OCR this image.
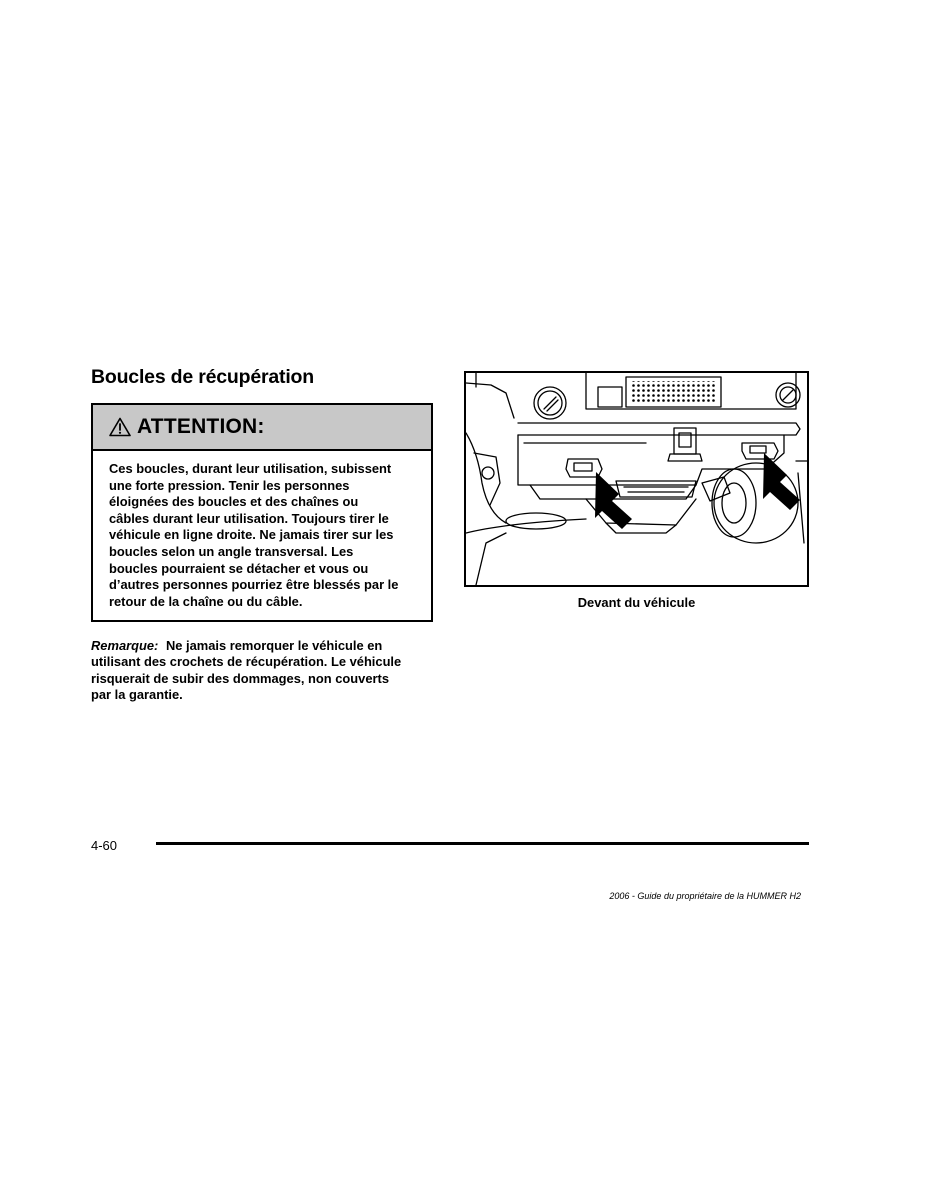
Boucles de récupération
ATTENTION:
Ces boucles, durant leur utilisation, subissent
une forte pression. Tenir les personnes
éloignées des boucles et des chaînes ou
câbles durant leur utilisation. Toujours tirer le
véhicule en ligne droite. Ne jamais tirer sur les
boucles selon un angle transversal. Les
boucles pourraient se détacher et vous ou
d’autres personnes pourriez être blessés par le
retour de la chaîne ou du câble.
Remarque: Ne jamais remorquer le véhicule en
utilisant des crochets de récupération. Le véhicule
risquerait de subir des dommages, non couverts
par la garantie.

Devant du véhicule

4-60

2006 - Guide du propriétaire de la HUMMER H2
